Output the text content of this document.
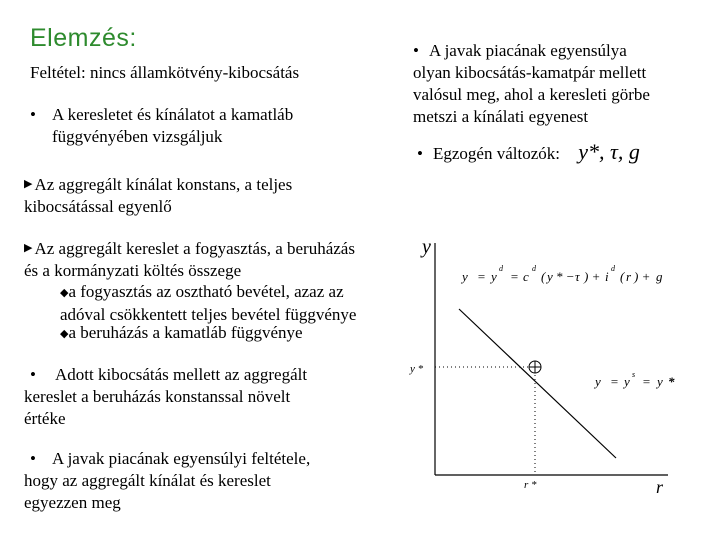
Elemzés:
Feltétel: nincs államkötvény-kibocsátás
• A keresletet és kínálatot a kamatláb
függvényében vizsgáljuk
▶ Az aggregált kínálat konstans, a teljes
kibocsátással egyenlő
▶ Az aggregált kereslet a fogyasztás, a beruházás
és a kormányzati költés összege
◆a fogyasztás az osztható bevétel, azaz az
adóval csökkentett teljes bevétel függvénye
◆a beruházás a kamatláb függvénye
• Adott kibocsátás mellett az aggregált
kereslet a beruházás konstanssal növelt
értéke
• A javak piacának egyensúlyi feltétele,
hogy az aggregált kínálat és kereslet
egyezzen meg
• A javak piacának egyensúlya
olyan kibocsátás-kamatpár mellett
valósul meg, ahol a keresleti görbe
metszi a kínálati egyenest
• Egzogén változók: y*, τ, g
y
r
y = y
d
= c
d
( y * − τ ) + i
d
( r ) + g
y *
r *
y = y s = y *
